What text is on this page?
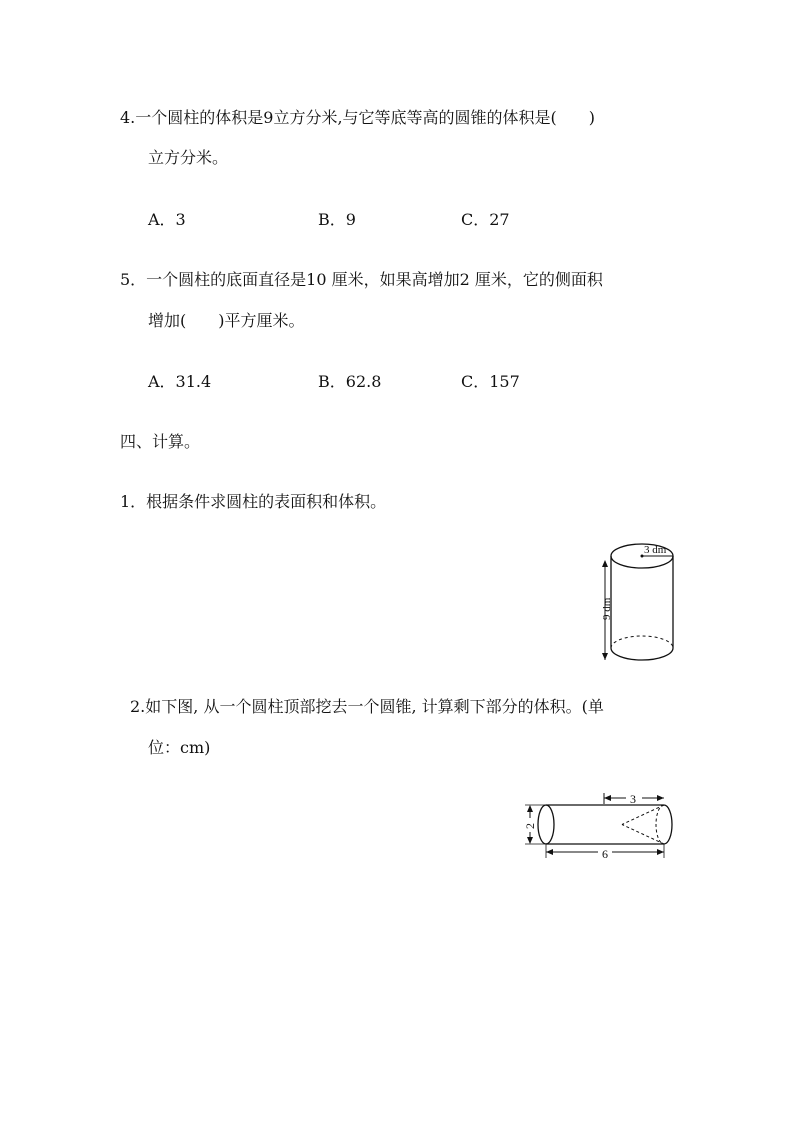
4.一个圆柱的体积是9立方分米,与它等底等高的圆锥的体积是(　　)
立方分米。
A．3	B．9	C．27
5．一个圆柱的底面直径是10 厘米，如果高增加2 厘米，它的侧面积
增加(　　)平方厘米。
A．31.4	B．62.8	C．157
四、计算。
1．根据条件求圆柱的表面积和体积。
3 dm
9 dm
2.如下图, 从一个圆柱顶部挖去一个圆锥, 计算剩下部分的体积。(单
位：cm)
3
2
6
